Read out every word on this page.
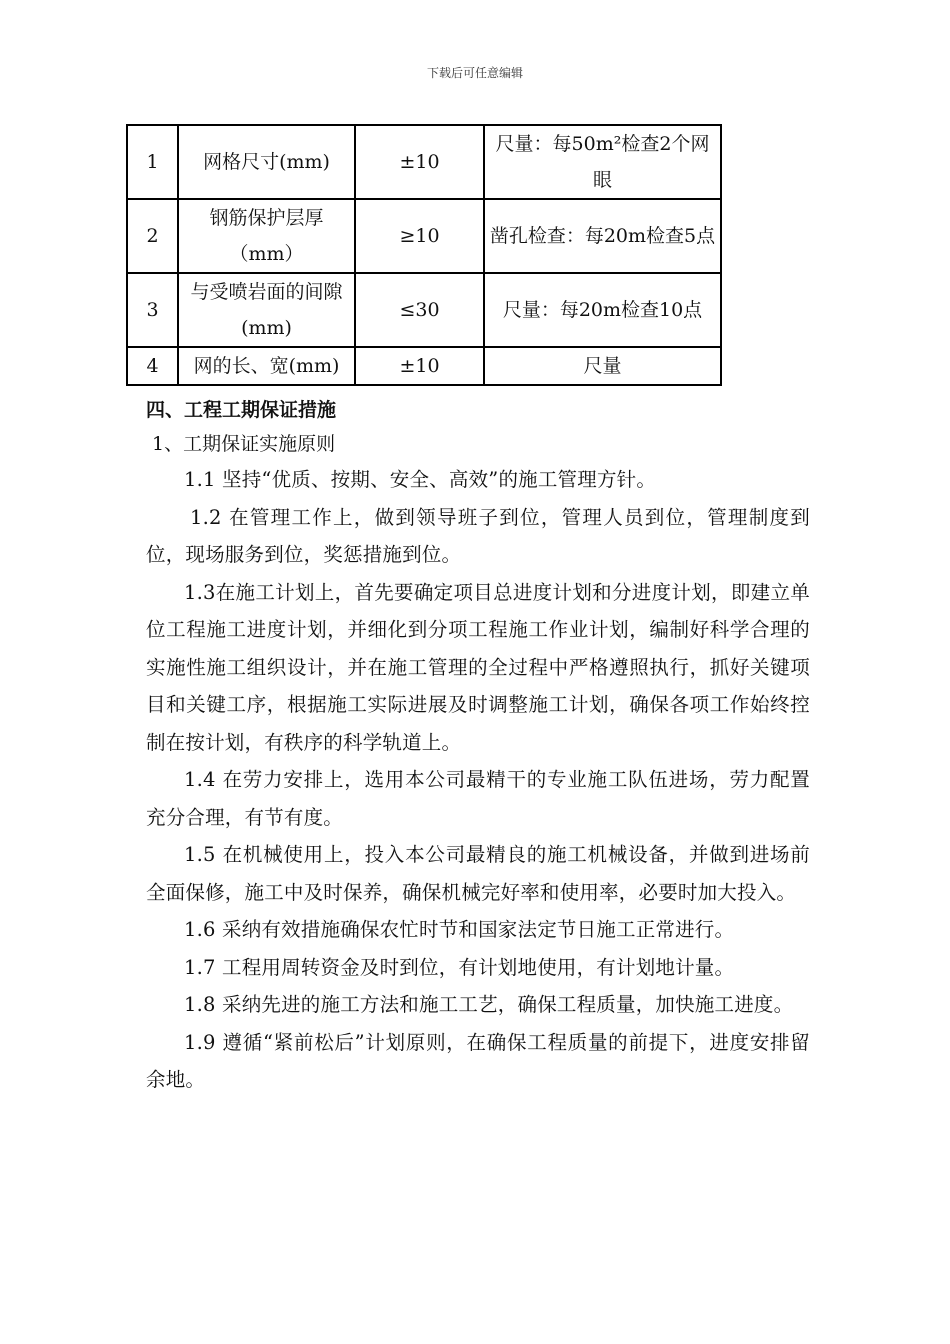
下载后可任意编辑
1	网格尺寸(mm)	±10	尺量：每50m²检查2个网眼
2	钢筋保护层厚（mm）	≥10	凿孔检查：每20m检查5点
3	与受喷岩面的间隙(mm)	≤30	尺量：每20m检查10点
4	网的长、宽(mm)	±10	尺量

四、工程工期保证措施

1、工期保证实施原则

1.1 坚持“优质、按期、安全、高效”的施工管理方针。

1.2 在管理工作上，做到领导班子到位，管理人员到位，管理制度到位，现场服务到位，奖惩措施到位。

1.3在施工计划上，首先要确定项目总进度计划和分进度计划，即建立单位工程施工进度计划，并细化到分项工程施工作业计划，编制好科学合理的实施性施工组织设计，并在施工管理的全过程中严格遵照执行，抓好关键项目和关键工序，根据施工实际进展及时调整施工计划，确保各项工作始终控制在按计划，有秩序的科学轨道上。

1.4 在劳力安排上，选用本公司最精干的专业施工队伍进场，劳力配置充分合理，有节有度。

1.5 在机械使用上，投入本公司最精良的施工机械设备，并做到进场前全面保修，施工中及时保养，确保机械完好率和使用率，必要时加大投入。

1.6 采纳有效措施确保农忙时节和国家法定节日施工正常进行。

1.7 工程用周转资金及时到位，有计划地使用，有计划地计量。

1.8 采纳先进的施工方法和施工工艺，确保工程质量，加快施工进度。

1.9 遵循“紧前松后”计划原则，在确保工程质量的前提下，进度安排留余地。
